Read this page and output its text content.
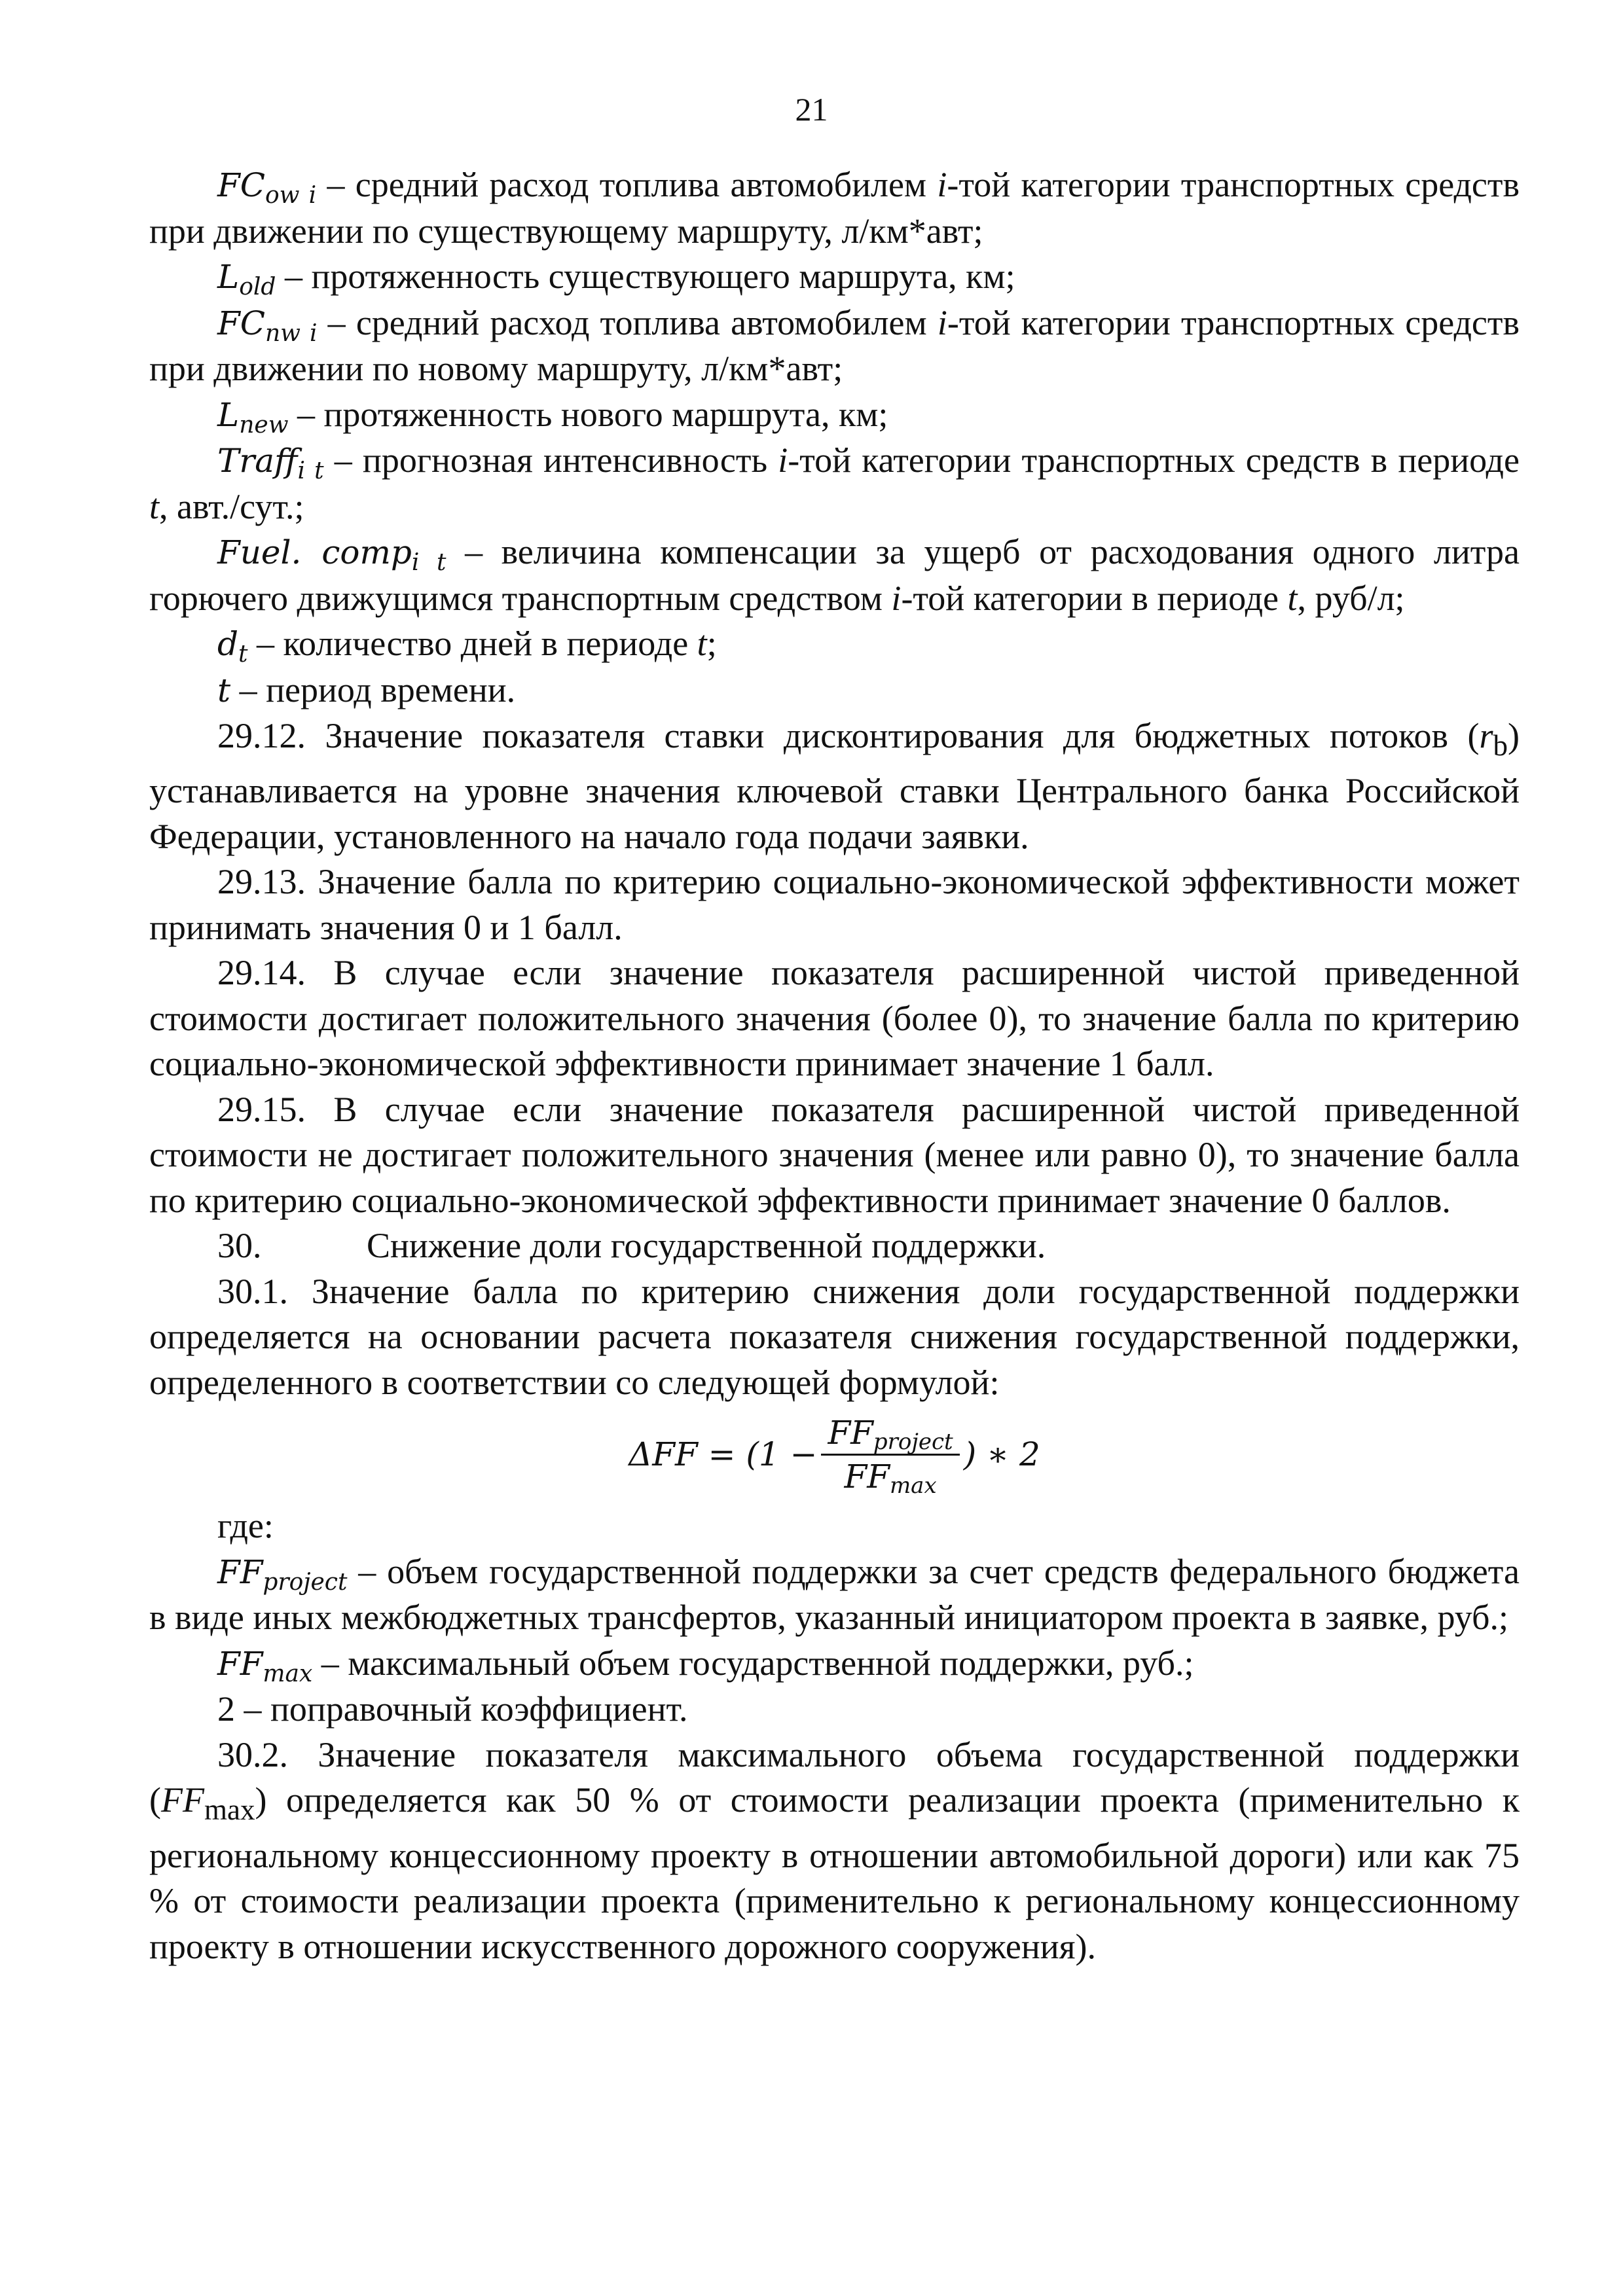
21

$FC_{ow i}$ – средний расход топлива автомобилем i-той категории транспортных средств при движении по существующему маршруту, л/км*авт;

$L_{old}$ – протяженность существующего маршрута, км;

$FC_{nw i}$ – средний расход топлива автомобилем i-той категории транспортных средств при движении по новому маршруту, л/км*авт;

$L_{new}$ – протяженность нового маршрута, км;

Traff$_{i t}$ – прогнозная интенсивность i-той категории транспортных средств в периоде t, авт./сут.;

Fuel. comp$_{i t}$ – величина компенсации за ущерб от расходования одного литра горючего движущимся транспортным средством i-той категории в периоде t, руб/л;

$d_t$ – количество дней в периоде t;

t – период времени.

29.12. Значение показателя ставки дисконтирования для бюджетных потоков $(r_b)$ устанавливается на уровне значения ключевой ставки Центрального банка Российской Федерации, установленного на начало года подачи заявки.

29.13. Значение балла по критерию социально-экономической эффективности может принимать значения 0 и 1 балл.

29.14. В случае если значение показателя расширенной чистой приведенной стоимости достигает положительного значения (более 0), то значение балла по критерию социально-экономической эффективности принимает значение 1 балл.

29.15. В случае если значение показателя расширенной чистой приведенной стоимости не достигает положительного значения (менее или равно 0), то значение балла по критерию социально-экономической эффективности принимает значение 0 баллов.

30.	Снижение доли государственной поддержки.

30.1. Значение балла по критерию снижения доли государственной поддержки определяется на основании расчета показателя снижения государственной поддержки, определенного в соответствии со следующей формулой:

$\Delta FF = (1 - \frac{FF_{project}}{FF_{max}}$ ) ∗ 2

где:

$FF_{project}$ – объем государственной поддержки за счет средств федерального бюджета в виде иных межбюджетных трансфертов, указанный инициатором проекта в заявке, руб.;

$FF_{max}$ – максимальный объем государственной поддержки, руб.;

2 – поправочный коэффициент.

30.2. Значение показателя максимального объема государственной поддержки $(FF_{max})$ определяется как 50 % от стоимости реализации проекта (применительно к региональному концессионному проекту в отношении автомобильной дороги) или как 75 % от стоимости реализации проекта (применительно к региональному концессионному проекту в отношении искусственного дорожного сооружения).
